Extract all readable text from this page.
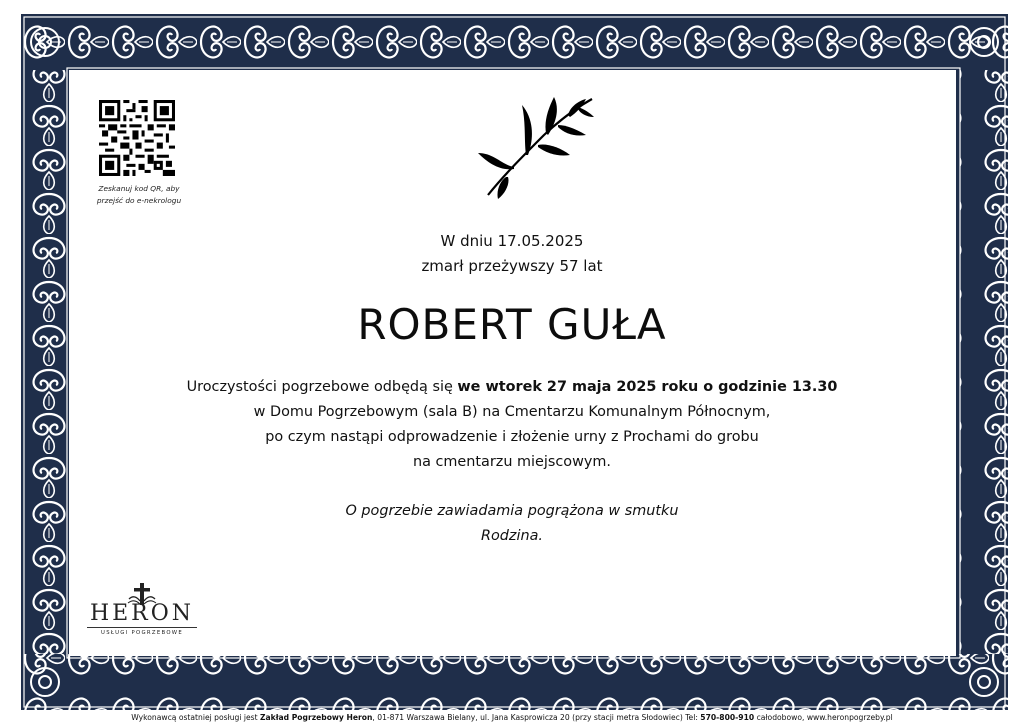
Zeskanuj kod QR, aby
przejść do e-nekrologu
W dniu 17.05.2025
zmarł przeżywszy 57 lat
ROBERT GUŁA
Uroczystości pogrzebowe odbędą się we wtorek 27 maja 2025 roku o godzinie 13.30
w Domu Pogrzebowym (sala B) na Cmentarzu Komunalnym Północnym,
po czym nastąpi odprowadzenie i złożenie urny z Prochami do grobu
na cmentarzu miejscowym.
O pogrzebie zawiadamia pogrążona w smutku
Rodzina.
HERON
USŁUGI POGRZEBOWE
Wykonawcą ostatniej posługi jest Zakład Pogrzebowy Heron, 01-871 Warszawa Bielany, ul. Jana Kasprowicza 20 (przy stacji metra Słodowiec) Tel: 570-800-910 całodobowo, www.heronpogrzeby.pl
